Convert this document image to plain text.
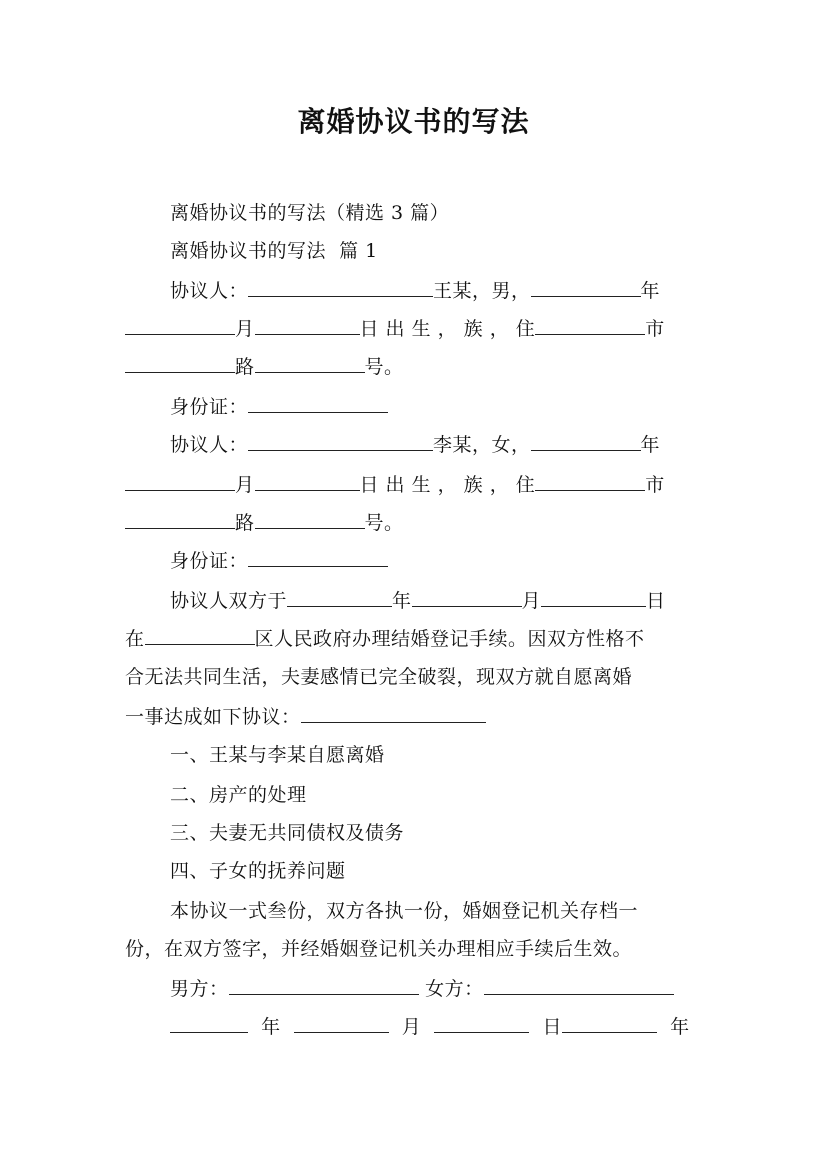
离婚协议书的写法
离婚协议书的写法（精选 3 篇）
离婚协议书的写法  篇 1
协议人：	王某，男，	年
月	日 出 生 ， 族 ， 住	市
路	号。
身份证：
协议人：	李某，女，	年
月	日 出 生 ， 族 ， 住	市
路	号。
身份证：
协议人双方于	年	月	日
在	区人民政府办理结婚登记手续。因双方性格不
合无法共同生活，夫妻感情已完全破裂，现双方就自愿离婚
一事达成如下协议：
一、王某与李某自愿离婚
二、房产的处理
三、夫妻无共同债权及债务
四、子女的抚养问题
本协议一式叁份，双方各执一份，婚姻登记机关存档一
份，在双方签字，并经婚姻登记机关办理相应手续后生效。
男方：	女方：
年	月	日	年
